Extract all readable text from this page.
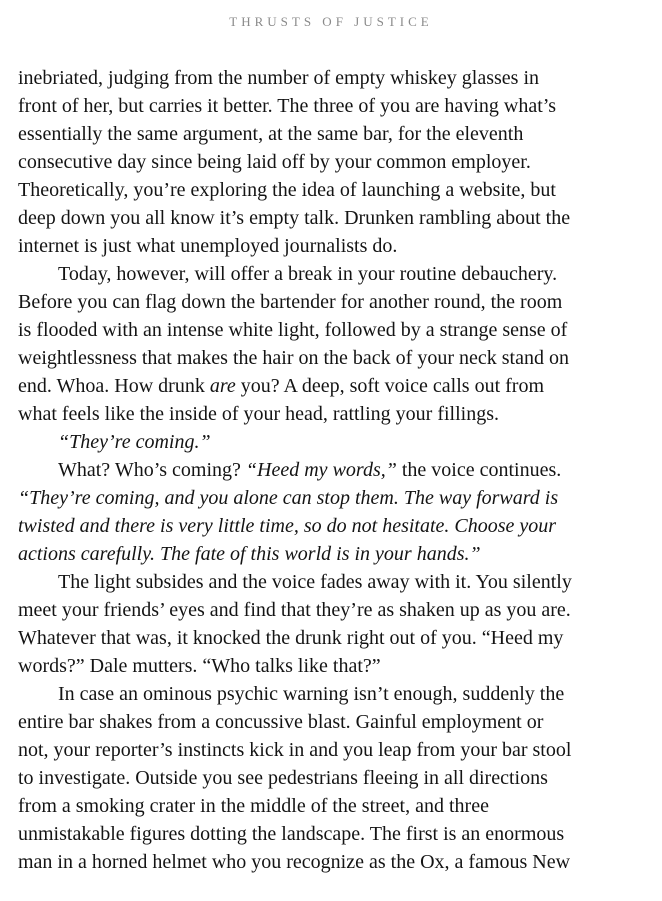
THRUSTS OF JUSTICE
inebriated, judging from the number of empty whiskey glasses in
front of her, but carries it better. The three of you are having what’s
essentially the same argument, at the same bar, for the eleventh
consecutive day since being laid off by your common employer.
Theoretically, you’re exploring the idea of launching a website, but
deep down you all know it’s empty talk. Drunken rambling about the
internet is just what unemployed journalists do.
Today, however, will offer a break in your routine debauchery.
Before you can flag down the bartender for another round, the room
is flooded with an intense white light, followed by a strange sense of
weightlessness that makes the hair on the back of your neck stand on
end. Whoa. How drunk are you? A deep, soft voice calls out from
what feels like the inside of your head, rattling your fillings.
“They’re coming.”
What? Who’s coming? “Heed my words,” the voice continues.
“They’re coming, and you alone can stop them. The way forward is
twisted and there is very little time, so do not hesitate. Choose your
actions carefully. The fate of this world is in your hands.”
The light subsides and the voice fades away with it. You silently
meet your friends’ eyes and find that they’re as shaken up as you are.
Whatever that was, it knocked the drunk right out of you. “Heed my
words?” Dale mutters. “Who talks like that?”
In case an ominous psychic warning isn’t enough, suddenly the
entire bar shakes from a concussive blast. Gainful employment or
not, your reporter’s instincts kick in and you leap from your bar stool
to investigate. Outside you see pedestrians fleeing in all directions
from a smoking crater in the middle of the street, and three
unmistakable figures dotting the landscape. The first is an enormous
man in a horned helmet who you recognize as the Ox, a famous New
